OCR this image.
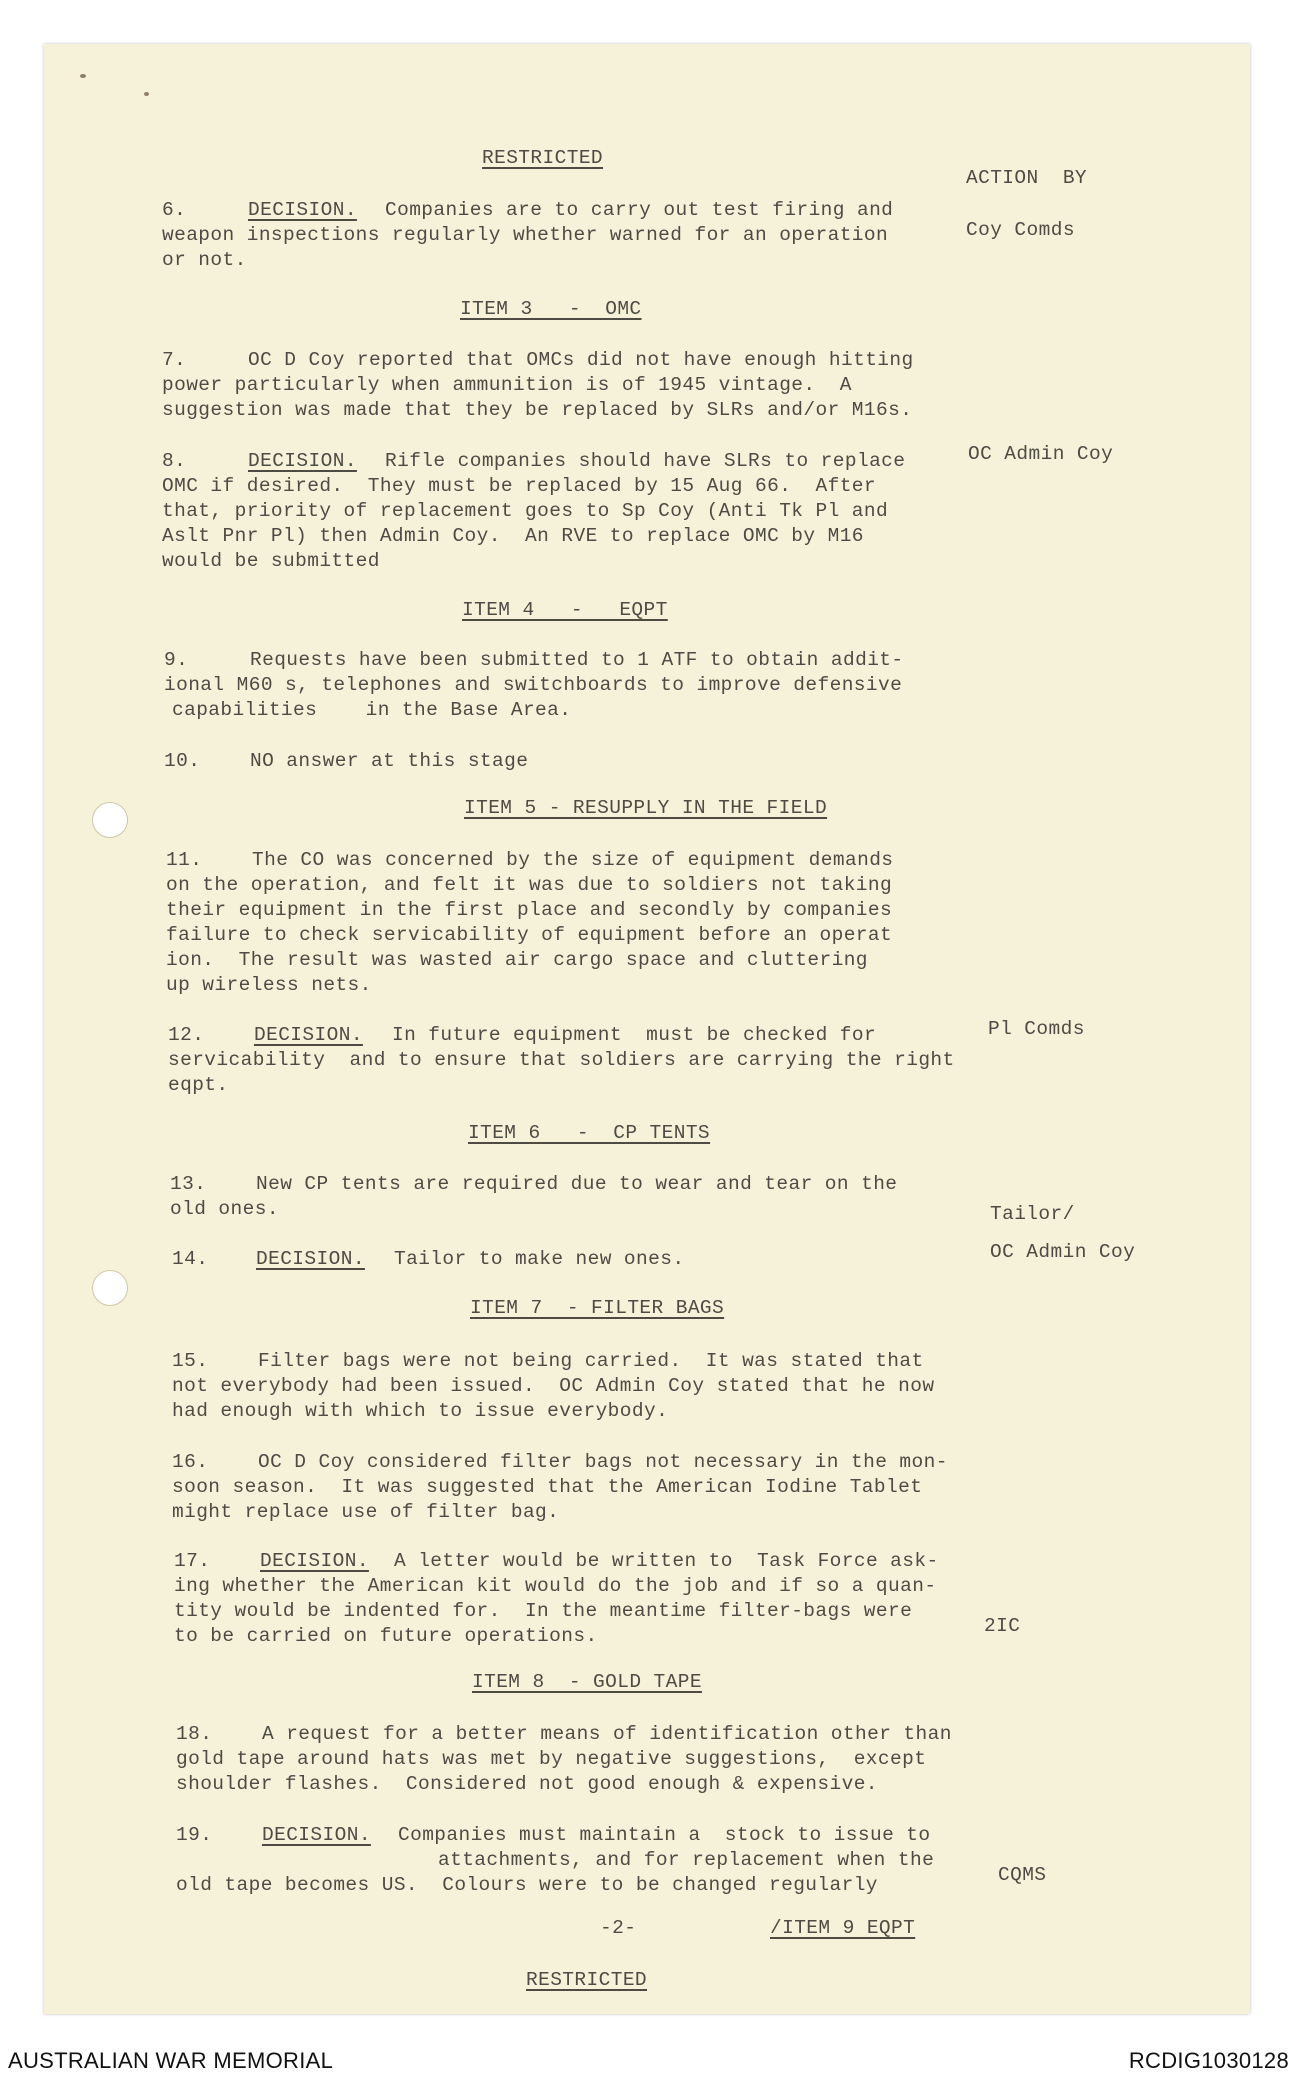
RESTRICTED
ACTION  BY
6.	DECISION. Companies are to carry out test firing and
weapon inspections regularly whether warned for an operation
or not.
Coy Comds
ITEM 3   -  OMC
7.	OC D Coy reported that OMCs did not have enough hitting
power particularly when ammunition is of 1945 vintage.  A
suggestion was made that they be replaced by SLRs and/or M16s.
8.	DECISION. Rifle companies should have SLRs to replace
OMC if desired.  They must be replaced by 15 Aug 66.  After
that, priority of replacement goes to Sp Coy (Anti Tk Pl and
Aslt Pnr Pl) then Admin Coy.  An RVE to replace OMC by M16
would be submitted
OC Admin Coy
ITEM 4   -   EQPT
9.	Requests have been submitted to 1 ATF to obtain addit-
ional M60 s, telephones and switchboards to improve defensive
capabilities    in the Base Area.
10.	NO answer at this stage
ITEM 5 - RESUPPLY IN THE FIELD
11.	The CO was concerned by the size of equipment demands
on the operation, and felt it was due to soldiers not taking
their equipment in the first place and secondly by companies
failure to check servicability of equipment before an operat
ion.  The result was wasted air cargo space and cluttering
up wireless nets.
12.	DECISION. In future equipment  must be checked for
servicability  and to ensure that soldiers are carrying the right
eqpt.
Pl Comds
ITEM 6   -  CP TENTS
13.	New CP tents are required due to wear and tear on the
old ones.
14. DECISION. Tailor to make new ones.
Tailor/
OC Admin Coy
ITEM 7  - FILTER BAGS
15.	Filter bags were not being carried.  It was stated that
not everybody had been issued.  OC Admin Coy stated that he now
had enough with which to issue everybody.
16.	OC D Coy considered filter bags not necessary in the mon-
soon season.  It was suggested that the American Iodine Tablet
might replace use of filter bag.
17.	DECISION. A letter would be written to  Task Force ask-
ing whether the American kit would do the job and if so a quan-
tity would be indented for.  In the meantime filter-bags were
to be carried on future operations.	2IC
ITEM 8  - GOLD TAPE
18.	A request for a better means of identification other than
gold tape around hats was met by negative suggestions,  except
shoulder flashes.  Considered not good enough & expensive.
19.	DECISION. Companies must maintain a  stock to issue to
attachments, and for replacement when the
old tape becomes US.  Colours were to be changed regularly	CQMS
-2-	/ITEM 9 EQPT
RESTRICTED
AUSTRALIAN WAR MEMORIAL	RCDIG1030128
